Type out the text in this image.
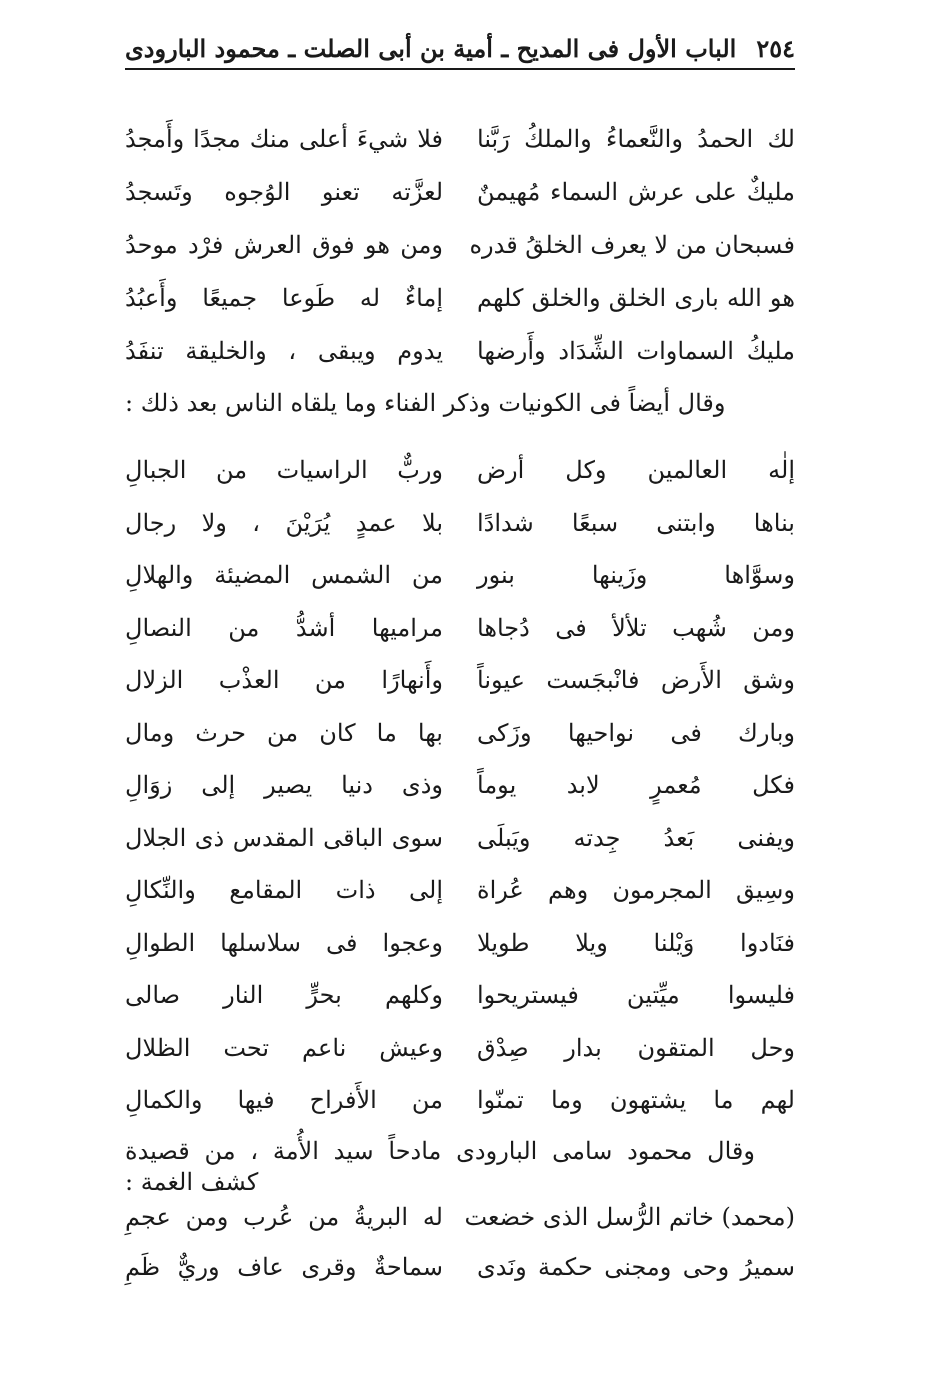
٢٥٤
الباب الأول فى المديح ـ أمية بن أبى الصلت ـ محمود البارودى
لك الحمدُ والنَّعماءُ والملكُ رَبَّنا
فلا شيءَ أعلى منك مجدًا وأَمجدُ
مليكٌ على عرش السماء مُهيمنٌ
لعزَّته تعنو الوُجوه وتَسجدُ
فسبحان من لا يعرف الخلقُ قدره
ومن هو فوق العرش فرْد موحدُ
هو الله بارى الخلق والخلق كلهم
إماءٌ له طَوعا جميعًا وأَعبُدُ
مليكُ السماوات الشِّدَاد وأَرضها
يدوم ويبقى ، والخليقة تنفَدُ

وقال أيضاً فى الكونيات وذكر الفناء وما يلقاه الناس بعد ذلك :

إلٰه العالمين وكل أرض
وربٌّ الراسيات من الجبالِ
بناها وابتنى سبعًا شدادًا
بلا عمدٍ يُرَيْنَ ، ولا رجال
وسوَّاها وزَينها بنور
من الشمس المضيئة والهلالِ
ومن شُهب تلألأ فى دُجاها
مراميها أشدُّ من النصالِ
وشق الأَرض فانْبجَست عيوناً
وأَنهارًا من العذْب الزلال
وبارك فى نواحيها وزَكى
بها ما كان من حرث ومال
فكل مُعمرٍ لابد يوماً
وذى دنيا يصير إلى زوَالِ
ويفنى بَعدُ جِدته ويَبلَى
سوى الباقى المقدس ذى الجلال
وسِيق المجرمون وهم عُراة
إلى ذات المقامع والنِّكالِ
فنَادوا وَيْلنا ويلا طويلا
وعجوا فى سلاسلها الطوالِ
فليسوا ميِّتين فيستريحوا
وكلهم بحرٍّ النار صالى
وحل المتقون بدار صِدْق
وعيش ناعم تحت الظلال
لهم ما يشتهون وما تمنّوا
من الأَفراح فيها والكمالِ

وقال محمود سامى البارودى مادحاً سيد الأُمة ، من قصيدة كشف الغمة :

(محمد) خاتم الرُّسل الذى خضعت
له البريةُ من عُرب ومن عجمِ
سميرُ وحى ومجنى حكمة ونَدى
سماحةٌ وقرى عاف وريٌّ ظَمِ
